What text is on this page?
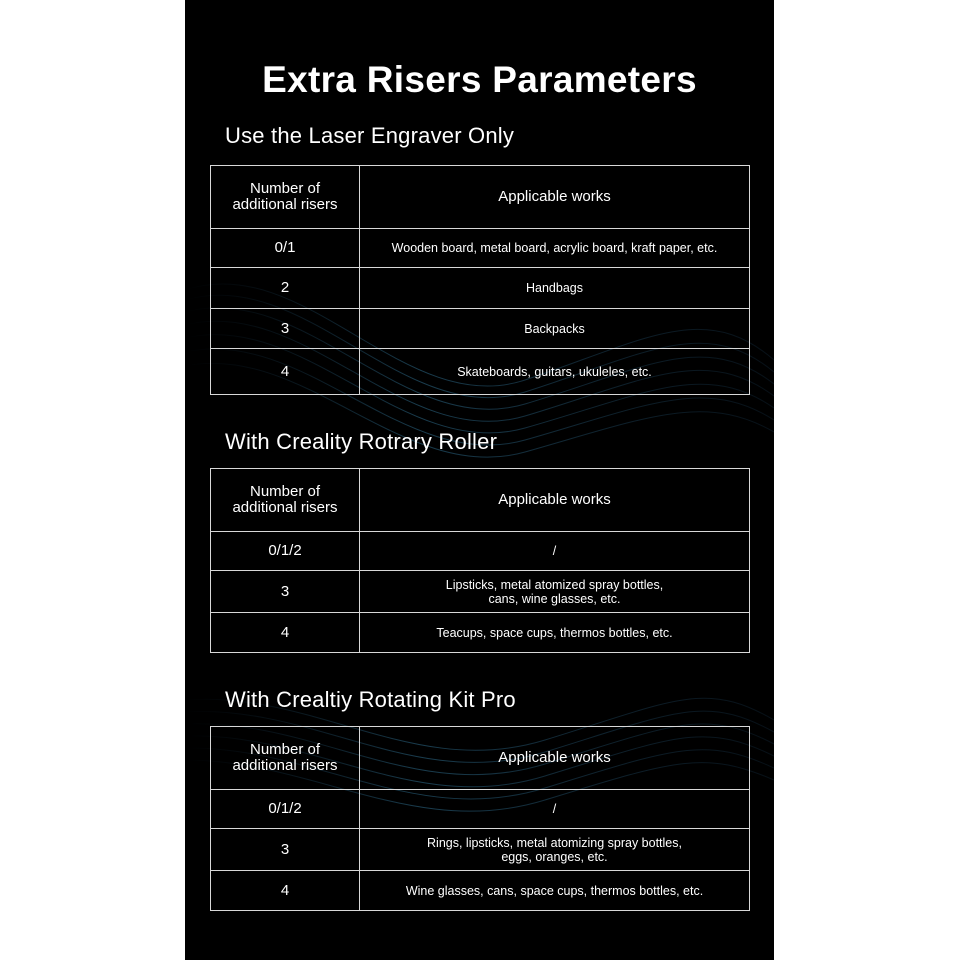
Extra Risers Parameters
Use the Laser Engraver Only
Number of
additional risers	Applicable works
0/1	Wooden board, metal board, acrylic board, kraft paper, etc.
2	Handbags
3	Backpacks
4	Skateboards, guitars, ukuleles, etc.
With Creality Rotrary Roller
Number of
additional risers	Applicable works
0/1/2	/
3	Lipsticks, metal atomized spray bottles,
cans, wine glasses, etc.

4	Teacups, space cups, thermos bottles, etc.
With Crealtiy Rotating Kit Pro
Number of
additional risers	Applicable works
0/1/2	/
3	Rings, lipsticks, metal atomizing spray bottles,
eggs, oranges, etc.

4	Wine glasses, cans, space cups, thermos bottles, etc.
